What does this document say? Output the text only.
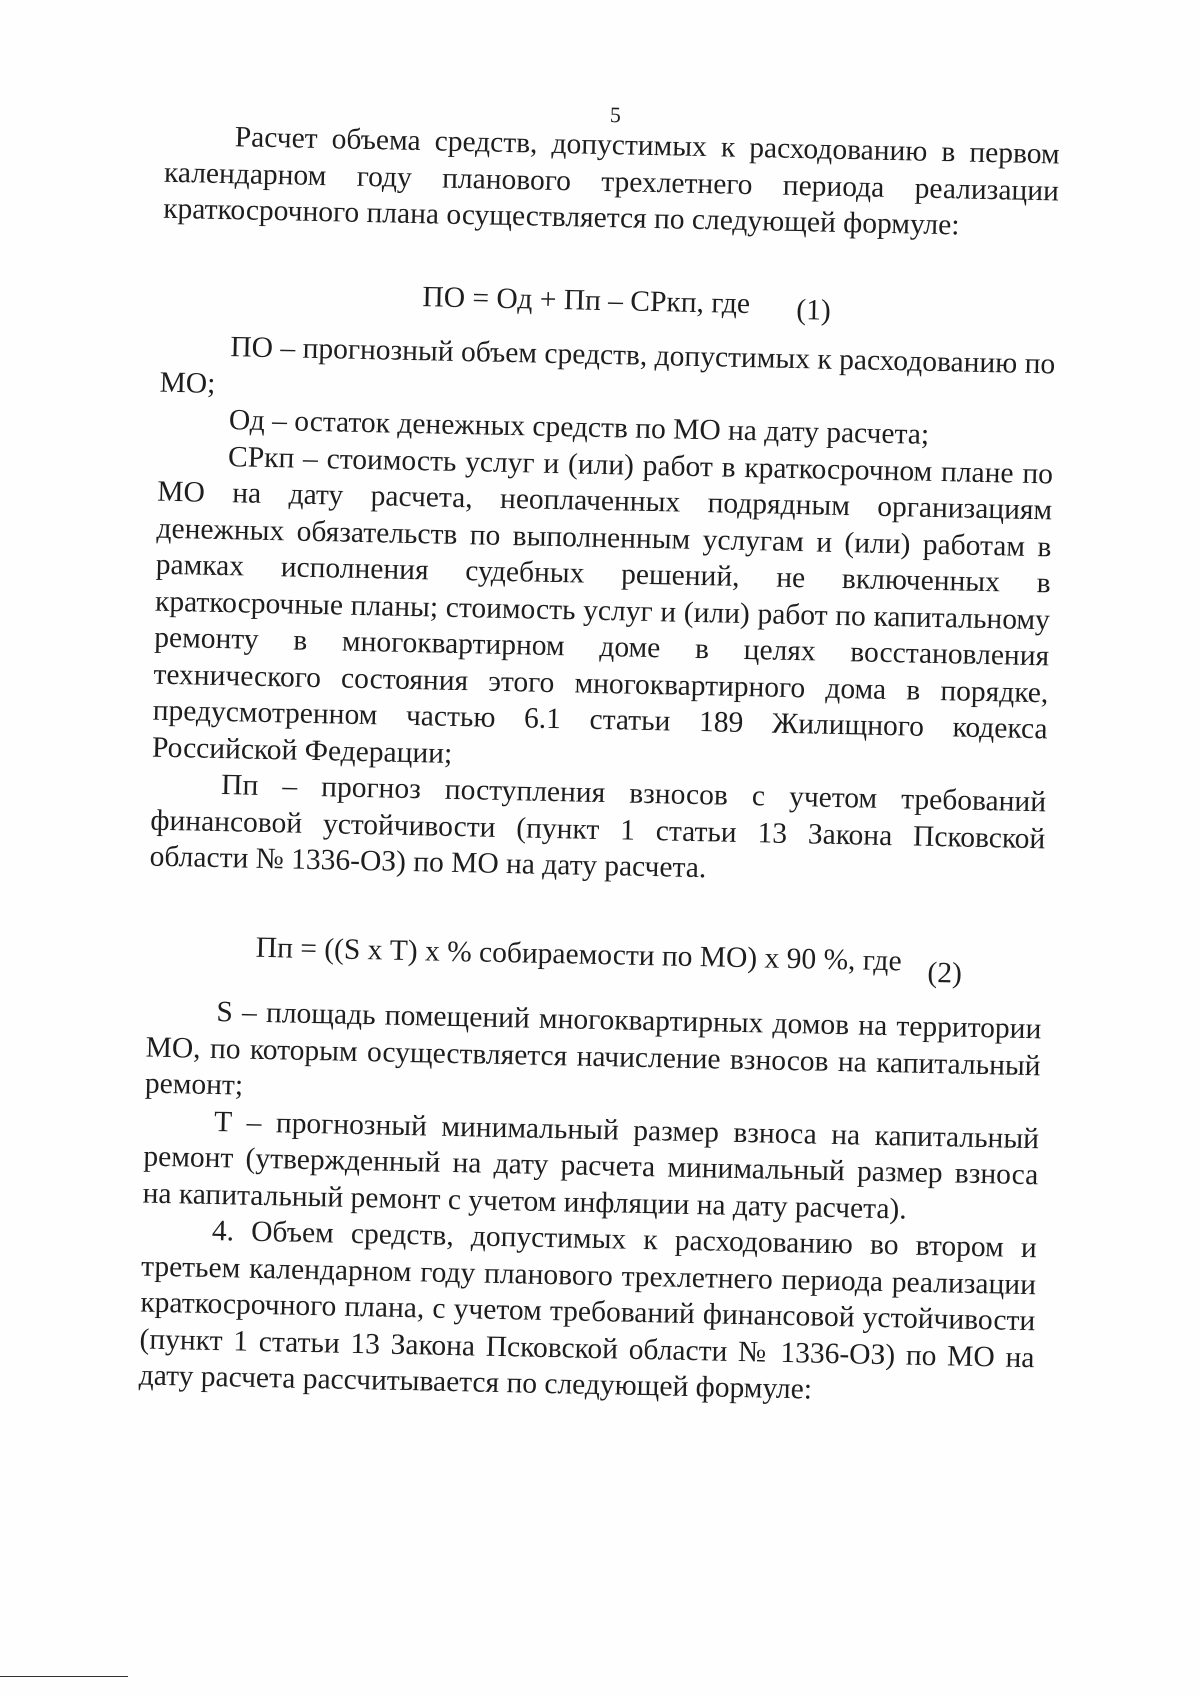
5

Расчет объема средств, допустимых к расходованию в первом календарном году планового трехлетнего периода реализации краткосрочного плана осуществляется по следующей формуле:

ПО = Од + Пп – СРкп, где (1)

ПО – прогнозный объем средств, допустимых к расходованию по МО;

Од – остаток денежных средств по МО на дату расчета;

СРкп – стоимость услуг и (или) работ в краткосрочном плане по МО на дату расчета, неоплаченных подрядным организациям денежных обязательств по выполненным услугам и (или) работам в рамках исполнения судебных решений, не включенных в краткосрочные планы; стоимость услуг и (или) работ по капитальному ремонту в многоквартирном доме в целях восстановления технического состояния этого многоквартирного дома в порядке, предусмотренном частью 6.1 статьи 189 Жилищного кодекса Российской Федерации;

Пп – прогноз поступления взносов с учетом требований финансовой устойчивости (пункт 1 статьи 13 Закона Псковской области № 1336-ОЗ) по МО на дату расчета.

Пп = ((S х Т) х % собираемости по МО) х 90 %, где (2)

S – площадь помещений многоквартирных домов на территории МО, по которым осуществляется начисление взносов на капитальный ремонт;

Т – прогнозный минимальный размер взноса на капитальный ремонт (утвержденный на дату расчета минимальный размер взноса на капитальный ремонт с учетом инфляции на дату расчета).

4. Объем средств, допустимых к расходованию во втором и третьем календарном году планового трехлетнего периода реализации краткосрочного плана, с учетом требований финансовой устойчивости (пункт 1 статьи 13 Закона Псковской области № 1336-ОЗ) по МО на дату расчета рассчитывается по следующей формуле:
